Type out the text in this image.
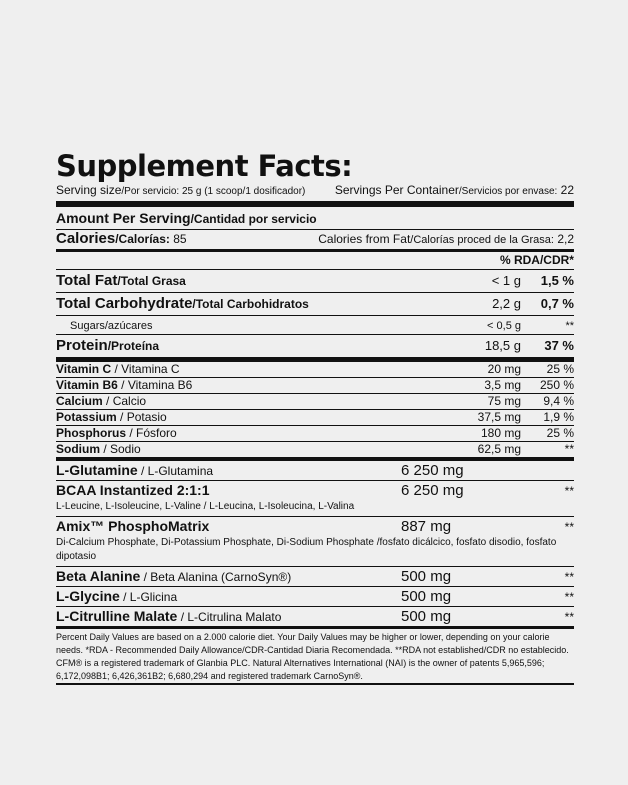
Supplement Facts:
Serving size/Por servicio: 25 g (1 scoop/1 dosificador) Servings Per Container/Servicios por envase: 22
Amount Per Serving/Cantidad por servicio
Calories/Calorías: 85	Calories from Fat/Calorías proced de la Grasa: 2,2
% RDA/CDR*
Total Fat/Total Grasa	< 1 g	1,5 %
Total Carbohydrate/Total Carbohidratos	2,2 g	0,7 %
Sugars/azúcares	< 0,5 g	**
Protein/Proteína	18,5 g	37 %
Vitamin C / Vitamina C	20 mg	25 %
Vitamin B6 / Vitamina B6	3,5 mg	250 %
Calcium / Calcio	75 mg	9,4 %
Potassium / Potasio	37,5 mg	1,9 %
Phosphorus / Fósforo	180 mg	25 %
Sodium / Sodio	62,5 mg	**
L-Glutamine / L-Glutamina	6 250 mg
BCAA Instantized 2:1:1	6 250 mg	**
L-Leucine, L-Isoleucine, L-Valine / L-Leucina, L-Isoleucina, L-Valina
Amix™ PhosphoMatrix	887 mg	**
Di-Calcium Phosphate, Di-Potassium Phosphate, Di-Sodium Phosphate /fosfato dicálcico, fosfato disodio, fosfato dipotasio
Beta Alanine / Beta Alanina (CarnoSyn®)	500 mg	**
L-Glycine / L-Glicina	500 mg	**
L-Citrulline Malate / L-Citrulina Malato	500 mg	**
Percent Daily Values are based on a 2.000 calorie diet. Your Daily Values may be higher or lower, depending on your calorie needs. *RDA - Recommended Daily Allowance/CDR-Cantidad Diaria Recomendada. **RDA not established/CDR no establecido. CFM® is a registered trademark of Glanbia PLC. Natural Alternatives International (NAI) is the owner of patents 5,965,596; 6,172,098B1; 6,426,361B2; 6,680,294 and registered trademark CarnoSyn®.
